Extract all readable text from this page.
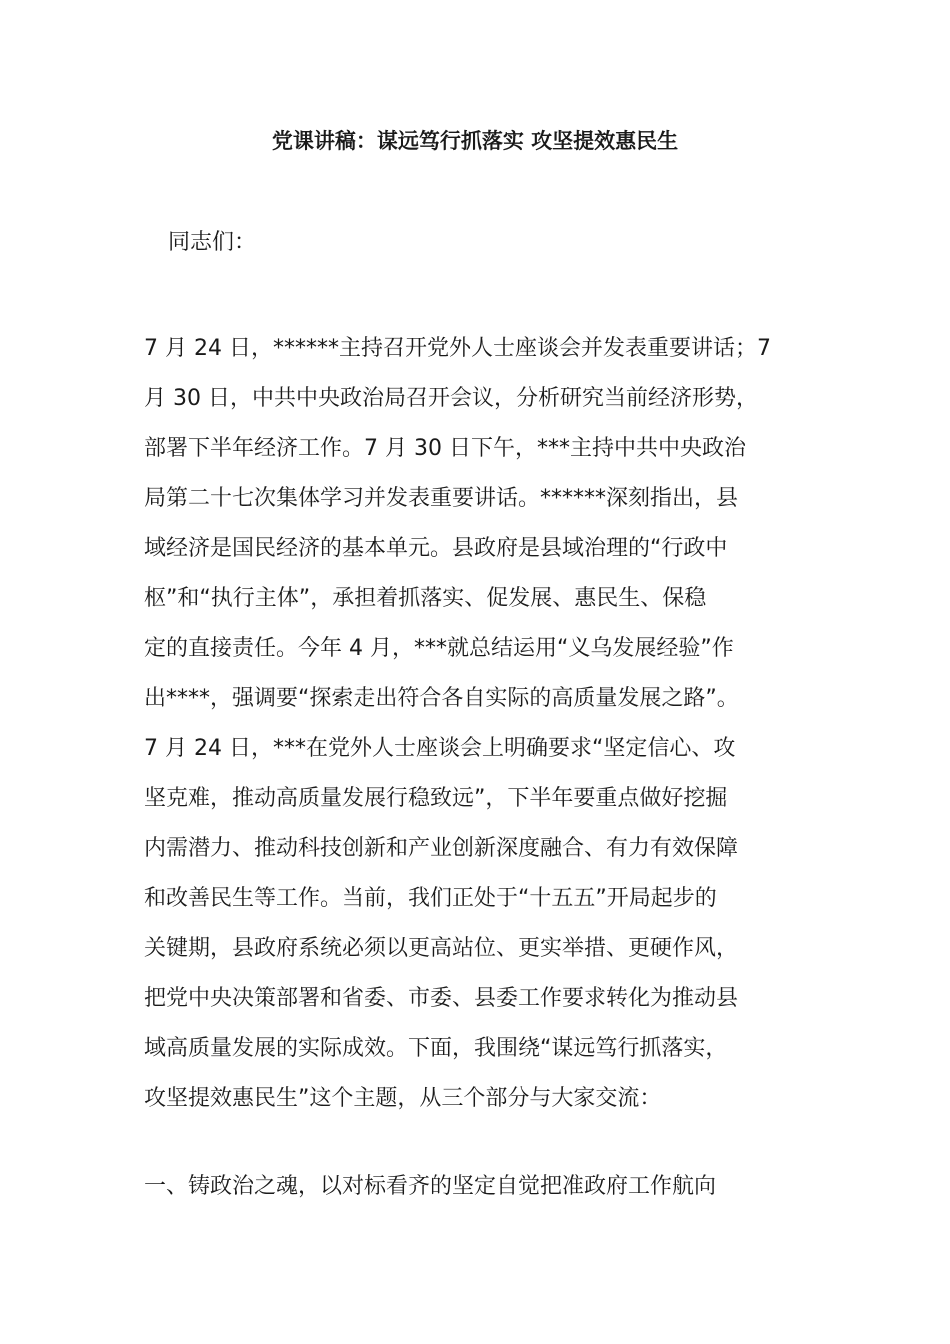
党课讲稿：谋远笃行抓落实 攻坚提效惠民生

同志们：

7 月 24 日，******主持召开党外人士座谈会并发表重要讲话；7
月 30 日，中共中央政治局召开会议，分析研究当前经济形势，
部署下半年经济工作。7 月 30 日下午，***主持中共中央政治
局第二十七次集体学习并发表重要讲话。******深刻指出，县
域经济是国民经济的基本单元。县政府是县域治理的“行政中
枢”和“执行主体”，承担着抓落实、促发展、惠民生、保稳
定的直接责任。今年 4 月，***就总结运用“义乌发展经验”作
出****，强调要“探索走出符合各自实际的高质量发展之路”。
7 月 24 日，***在党外人士座谈会上明确要求“坚定信心、攻
坚克难，推动高质量发展行稳致远”，下半年要重点做好挖掘
内需潜力、推动科技创新和产业创新深度融合、有力有效保障
和改善民生等工作。当前，我们正处于“十五五”开局起步的
关键期，县政府系统必须以更高站位、更实举措、更硬作风，
把党中央决策部署和省委、市委、县委工作要求转化为推动县
域高质量发展的实际成效。下面，我围绕“谋远笃行抓落实，
攻坚提效惠民生”这个主题，从三个部分与大家交流：

一、铸政治之魂，以对标看齐的坚定自觉把准政府工作航向
